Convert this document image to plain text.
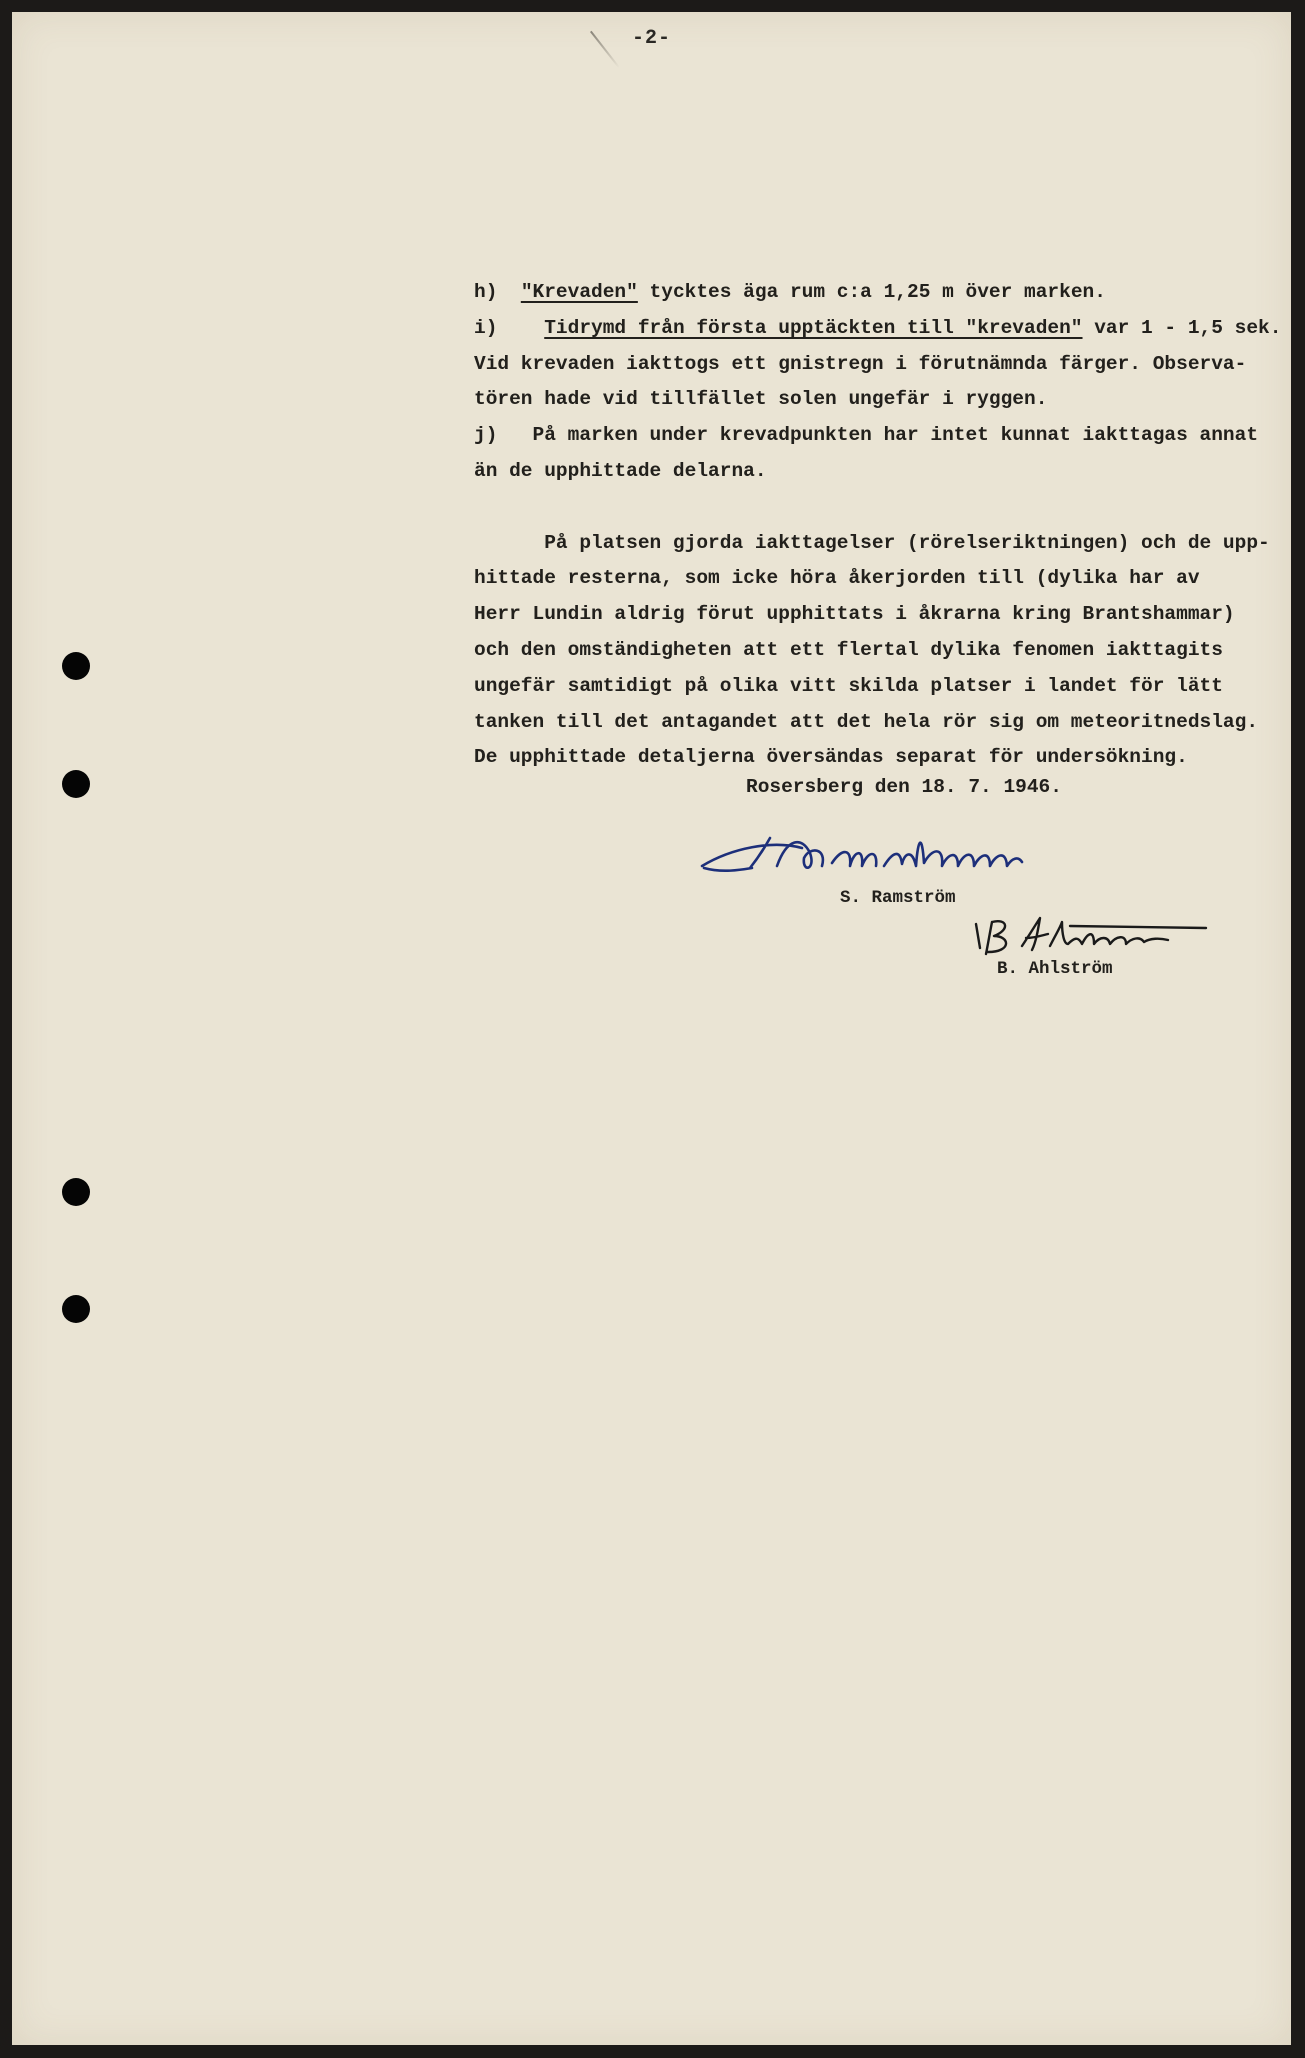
-2-
h)  "Krevaden" tycktes äga rum c:a 1,25 m över marken.
i)    Tidrymd från första upptäckten till "krevaden" var 1 - 1,5 sek.
Vid krevaden iakttogs ett gnistregn i förutnämnda färger. Observa-
tören hade vid tillfället solen ungefär i ryggen.
j)   På marken under krevadpunkten har intet kunnat iakttagas annat
än de upphittade delarna.
På platsen gjorda iakttagelser (rörelseriktningen) och de upp-
hittade resterna, som icke höra åkerjorden till (dylika har av
Herr Lundin aldrig förut upphittats i åkrarna kring Brantshammar)
och den omständigheten att ett flertal dylika fenomen iakttagits
ungefär samtidigt på olika vitt skilda platser i landet för lätt
tanken till det antagandet att det hela rör sig om meteoritnedslag.
De upphittade detaljerna översändas separat för undersökning.
Rosersberg den 18. 7. 1946.
S. Ramström
B. Ahlström
